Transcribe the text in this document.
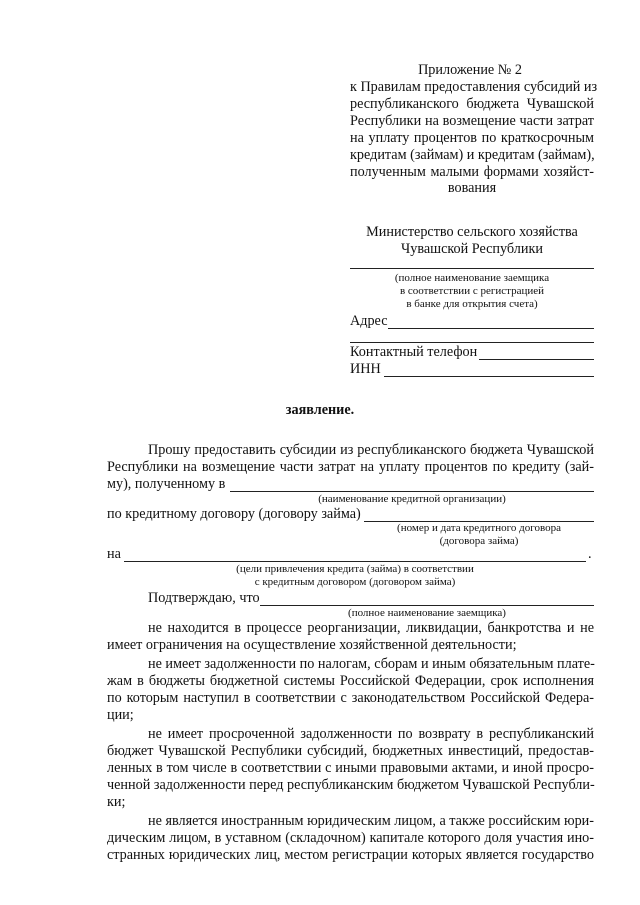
Приложение № 2
к Правилам предоставления субсидий из
республиканского бюджета Чувашской
Республики на возмещение части затрат
на уплату процентов по краткосрочным
кредитам (займам) и кредитам (займам),
полученным малыми формами хозяйст-
вования
Министерство сельского хозяйства
Чувашской Республики
(полное наименование заемщика
в соответствии с регистрацией
в банке для открытия счета)
Адрес
Контактный телефон
ИНН
заявление.
Прошу предоставить субсидии из республиканского бюджета Чувашской
Республики на возмещение части затрат на уплату процентов по кредиту (зай-
му), полученному в
(наименование кредитной организации)
по кредитному договору (договору займа)
(номер и дата кредитного договора
(договора займа)
на	.
(цели привлечения кредита (займа) в соответствии
с кредитным договором (договором займа)
Подтверждаю, что
(полное наименование заемщика)
не находится в процессе реорганизации, ликвидации, банкротства и не
имеет ограничения на осуществление хозяйственной деятельности;
не имеет задолженности по налогам, сборам и иным обязательным плате-
жам в бюджеты бюджетной системы Российской Федерации, срок исполнения
по которым наступил в соответствии с законодательством Российской Федера-
ции;
не имеет просроченной задолженности по возврату в республиканский
бюджет Чувашской Республики субсидий, бюджетных инвестиций, предостав-
ленных в том числе в соответствии с иными правовыми актами, и иной просро-
ченной задолженности перед республиканским бюджетом Чувашской Республи-
ки;
не является иностранным юридическим лицом, а также российским юри-
дическим лицом, в уставном (складочном) капитале которого доля участия ино-
странных юридических лиц, местом регистрации которых является государство
